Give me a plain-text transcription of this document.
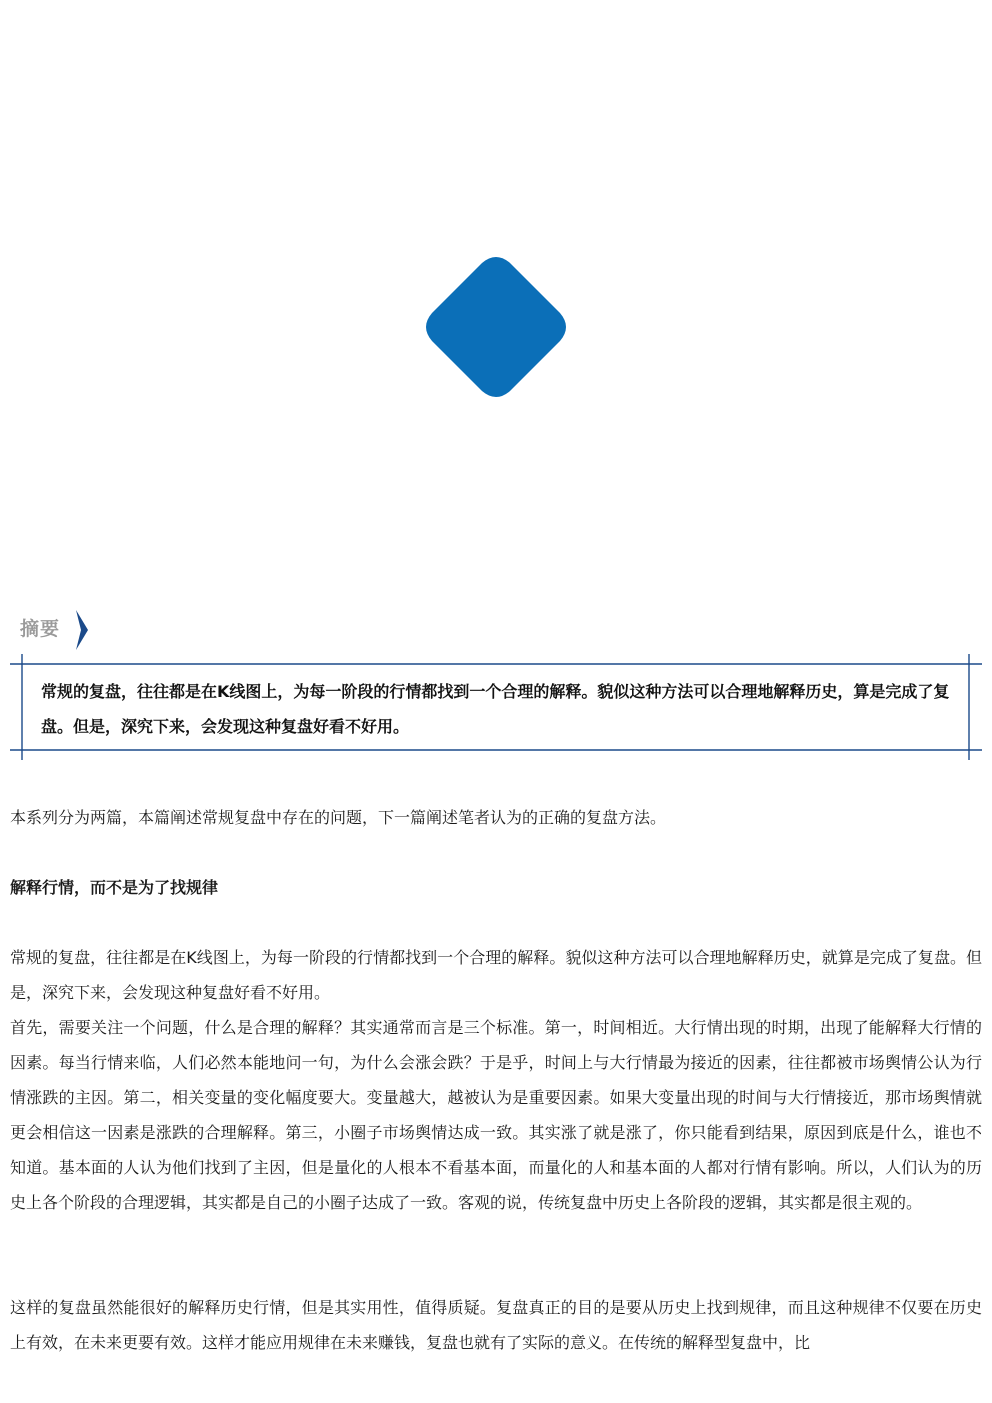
摘要
常规的复盘，往往都是在K线图上，为每一阶段的行情都找到一个合理的解释。貌似这种方法可以合理地解释历史，算是完成了复盘。但是，深究下来，会发现这种复盘好看不好用。
本系列分为两篇，本篇阐述常规复盘中存在的问题，下一篇阐述笔者认为的正确的复盘方法。
解释行情，而不是为了找规律
常规的复盘，往往都是在K线图上，为每一阶段的行情都找到一个合理的解释。貌似这种方法可以合理地解释历史，就算是完成了复盘。但是，深究下来，会发现这种复盘好看不好用。
首先，需要关注一个问题，什么是合理的解释？其实通常而言是三个标准。第一，时间相近。大行情出现的时期，出现了能解释大行情的因素。每当行情来临，人们必然本能地问一句，为什么会涨会跌？于是乎，时间上与大行情最为接近的因素，往往都被市场舆情公认为行情涨跌的主因。第二，相关变量的变化幅度要大。变量越大，越被认为是重要因素。如果大变量出现的时间与大行情接近，那市场舆情就更会相信这一因素是涨跌的合理解释。第三，小圈子市场舆情达成一致。其实涨了就是涨了，你只能看到结果，原因到底是什么，谁也不知道。基本面的人认为他们找到了主因，但是量化的人根本不看基本面，而量化的人和基本面的人都对行情有影响。所以，人们认为的历史上各个阶段的合理逻辑，其实都是自己的小圈子达成了一致。客观的说，传统复盘中历史上各阶段的逻辑，其实都是很主观的。
这样的复盘虽然能很好的解释历史行情，但是其实用性，值得质疑。复盘真正的目的是要从历史上找到规律，而且这种规律不仅要在历史上有效，在未来更要有效。这样才能应用规律在未来赚钱，复盘也就有了实际的意义。在传统的解释型复盘中，比
